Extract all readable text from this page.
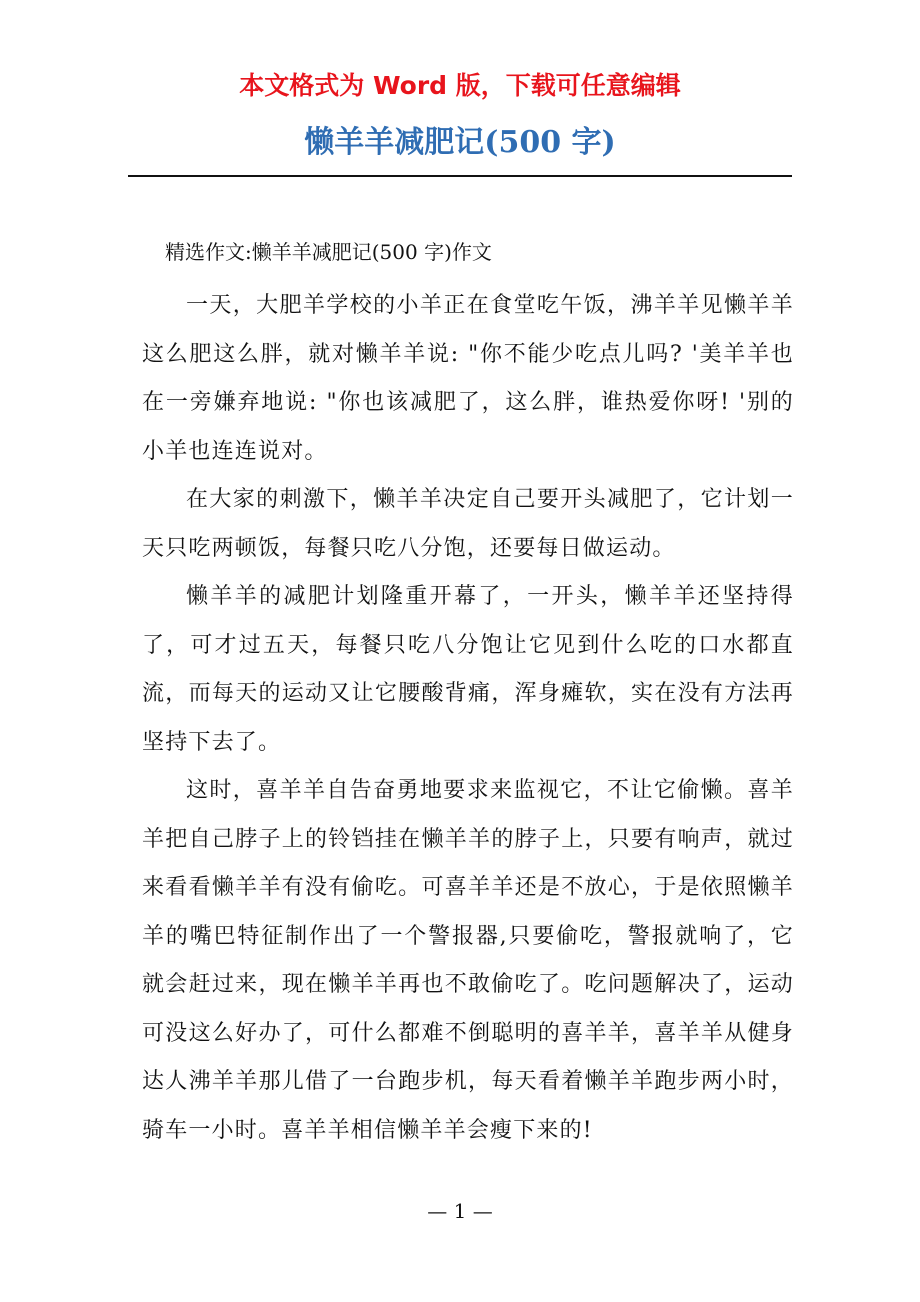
本文格式为 Word 版，下载可任意编辑
懒羊羊减肥记(500 字)
精选作文:懒羊羊减肥记(500 字)作文

一天，大肥羊学校的小羊正在食堂吃午饭，沸羊羊见懒羊羊这么肥这么胖，就对懒羊羊说: "你不能少吃点儿吗? '美羊羊也在一旁嫌弃地说: "你也该减肥了，这么胖，谁热爱你呀! '别的小羊也连连说对。

在大家的刺激下，懒羊羊决定自己要开头减肥了，它计划一天只吃两顿饭，每餐只吃八分饱，还要每日做运动。

懒羊羊的减肥计划隆重开幕了，一开头，懒羊羊还坚持得了，可才过五天，每餐只吃八分饱让它见到什么吃的口水都直流，而每天的运动又让它腰酸背痛，浑身瘫软，实在没有方法再坚持下去了。

这时，喜羊羊自告奋勇地要求来监视它，不让它偷懒。喜羊羊把自己脖子上的铃铛挂在懒羊羊的脖子上，只要有响声，就过来看看懒羊羊有没有偷吃。可喜羊羊还是不放心，于是依照懒羊羊的嘴巴特征制作出了一个警报器,只要偷吃，警报就响了，它就会赶过来，现在懒羊羊再也不敢偷吃了。吃问题解决了，运动可没这么好办了，可什么都难不倒聪明的喜羊羊，喜羊羊从健身达人沸羊羊那儿借了一台跑步机，每天看着懒羊羊跑步两小时，骑车一小时。喜羊羊相信懒羊羊会瘦下来的!

— 1 —
